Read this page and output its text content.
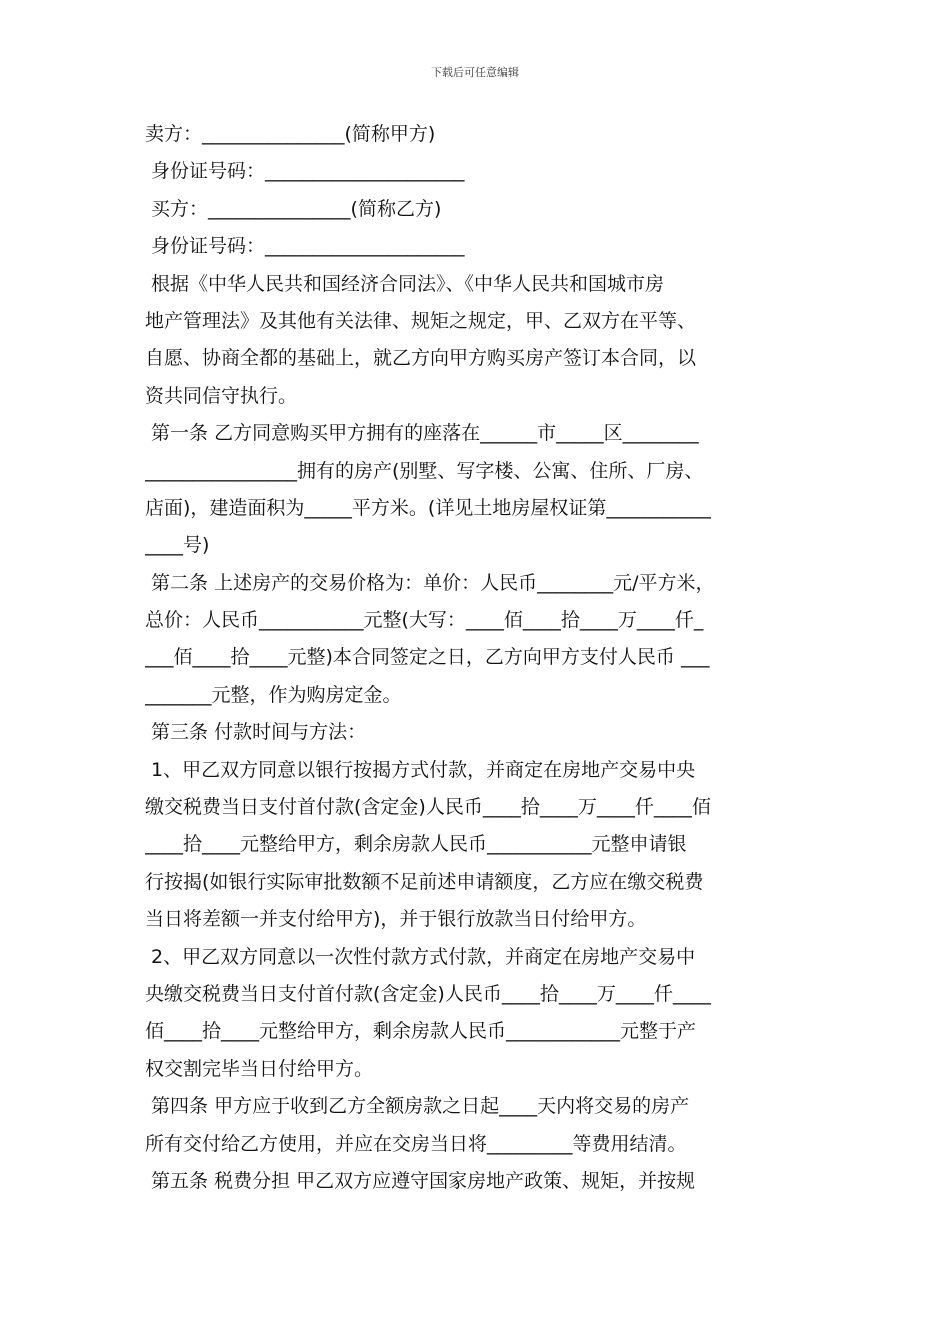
下载后可任意编辑
卖方：_______________(简称甲方)
身份证号码：_____________________
买方：_______________(简称乙方)
身份证号码：_____________________
根据《中华人民共和国经济合同法》、《中华人民共和国城市房
地产管理法》及其他有关法律、规矩之规定，甲、乙双方在平等、
自愿、协商全都的基础上，就乙方向甲方购买房产签订本合同，以
资共同信守执行。
第一条 乙方同意购买甲方拥有的座落在______市_____区________
________________拥有的房产(别墅、写字楼、公寓、住所、厂房、
店面)，建造面积为_____平方米。(详见土地房屋权证第___________
____号)
第二条 上述房产的交易价格为：单价：人民币________元/平方米，
总价：人民币___________元整(大写：____佰____拾____万____仟_
___佰____拾____元整)本合同签定之日，乙方向甲方支付人民币 ___
_______元整，作为购房定金。
第三条 付款时间与方法：
1、甲乙双方同意以银行按揭方式付款，并商定在房地产交易中央
缴交税费当日支付首付款(含定金)人民币____拾____万____仟____佰
____拾____元整给甲方，剩余房款人民币___________元整申请银
行按揭(如银行实际审批数额不足前述申请额度，乙方应在缴交税费
当日将差额一并支付给甲方)，并于银行放款当日付给甲方。
2、甲乙双方同意以一次性付款方式付款，并商定在房地产交易中
央缴交税费当日支付首付款(含定金)人民币____拾____万____仟____
佰____拾____元整给甲方，剩余房款人民币____________元整于产
权交割完毕当日付给甲方。
第四条 甲方应于收到乙方全额房款之日起____天内将交易的房产
所有交付给乙方使用，并应在交房当日将_________等费用结清。
第五条 税费分担 甲乙双方应遵守国家房地产政策、规矩，并按规
